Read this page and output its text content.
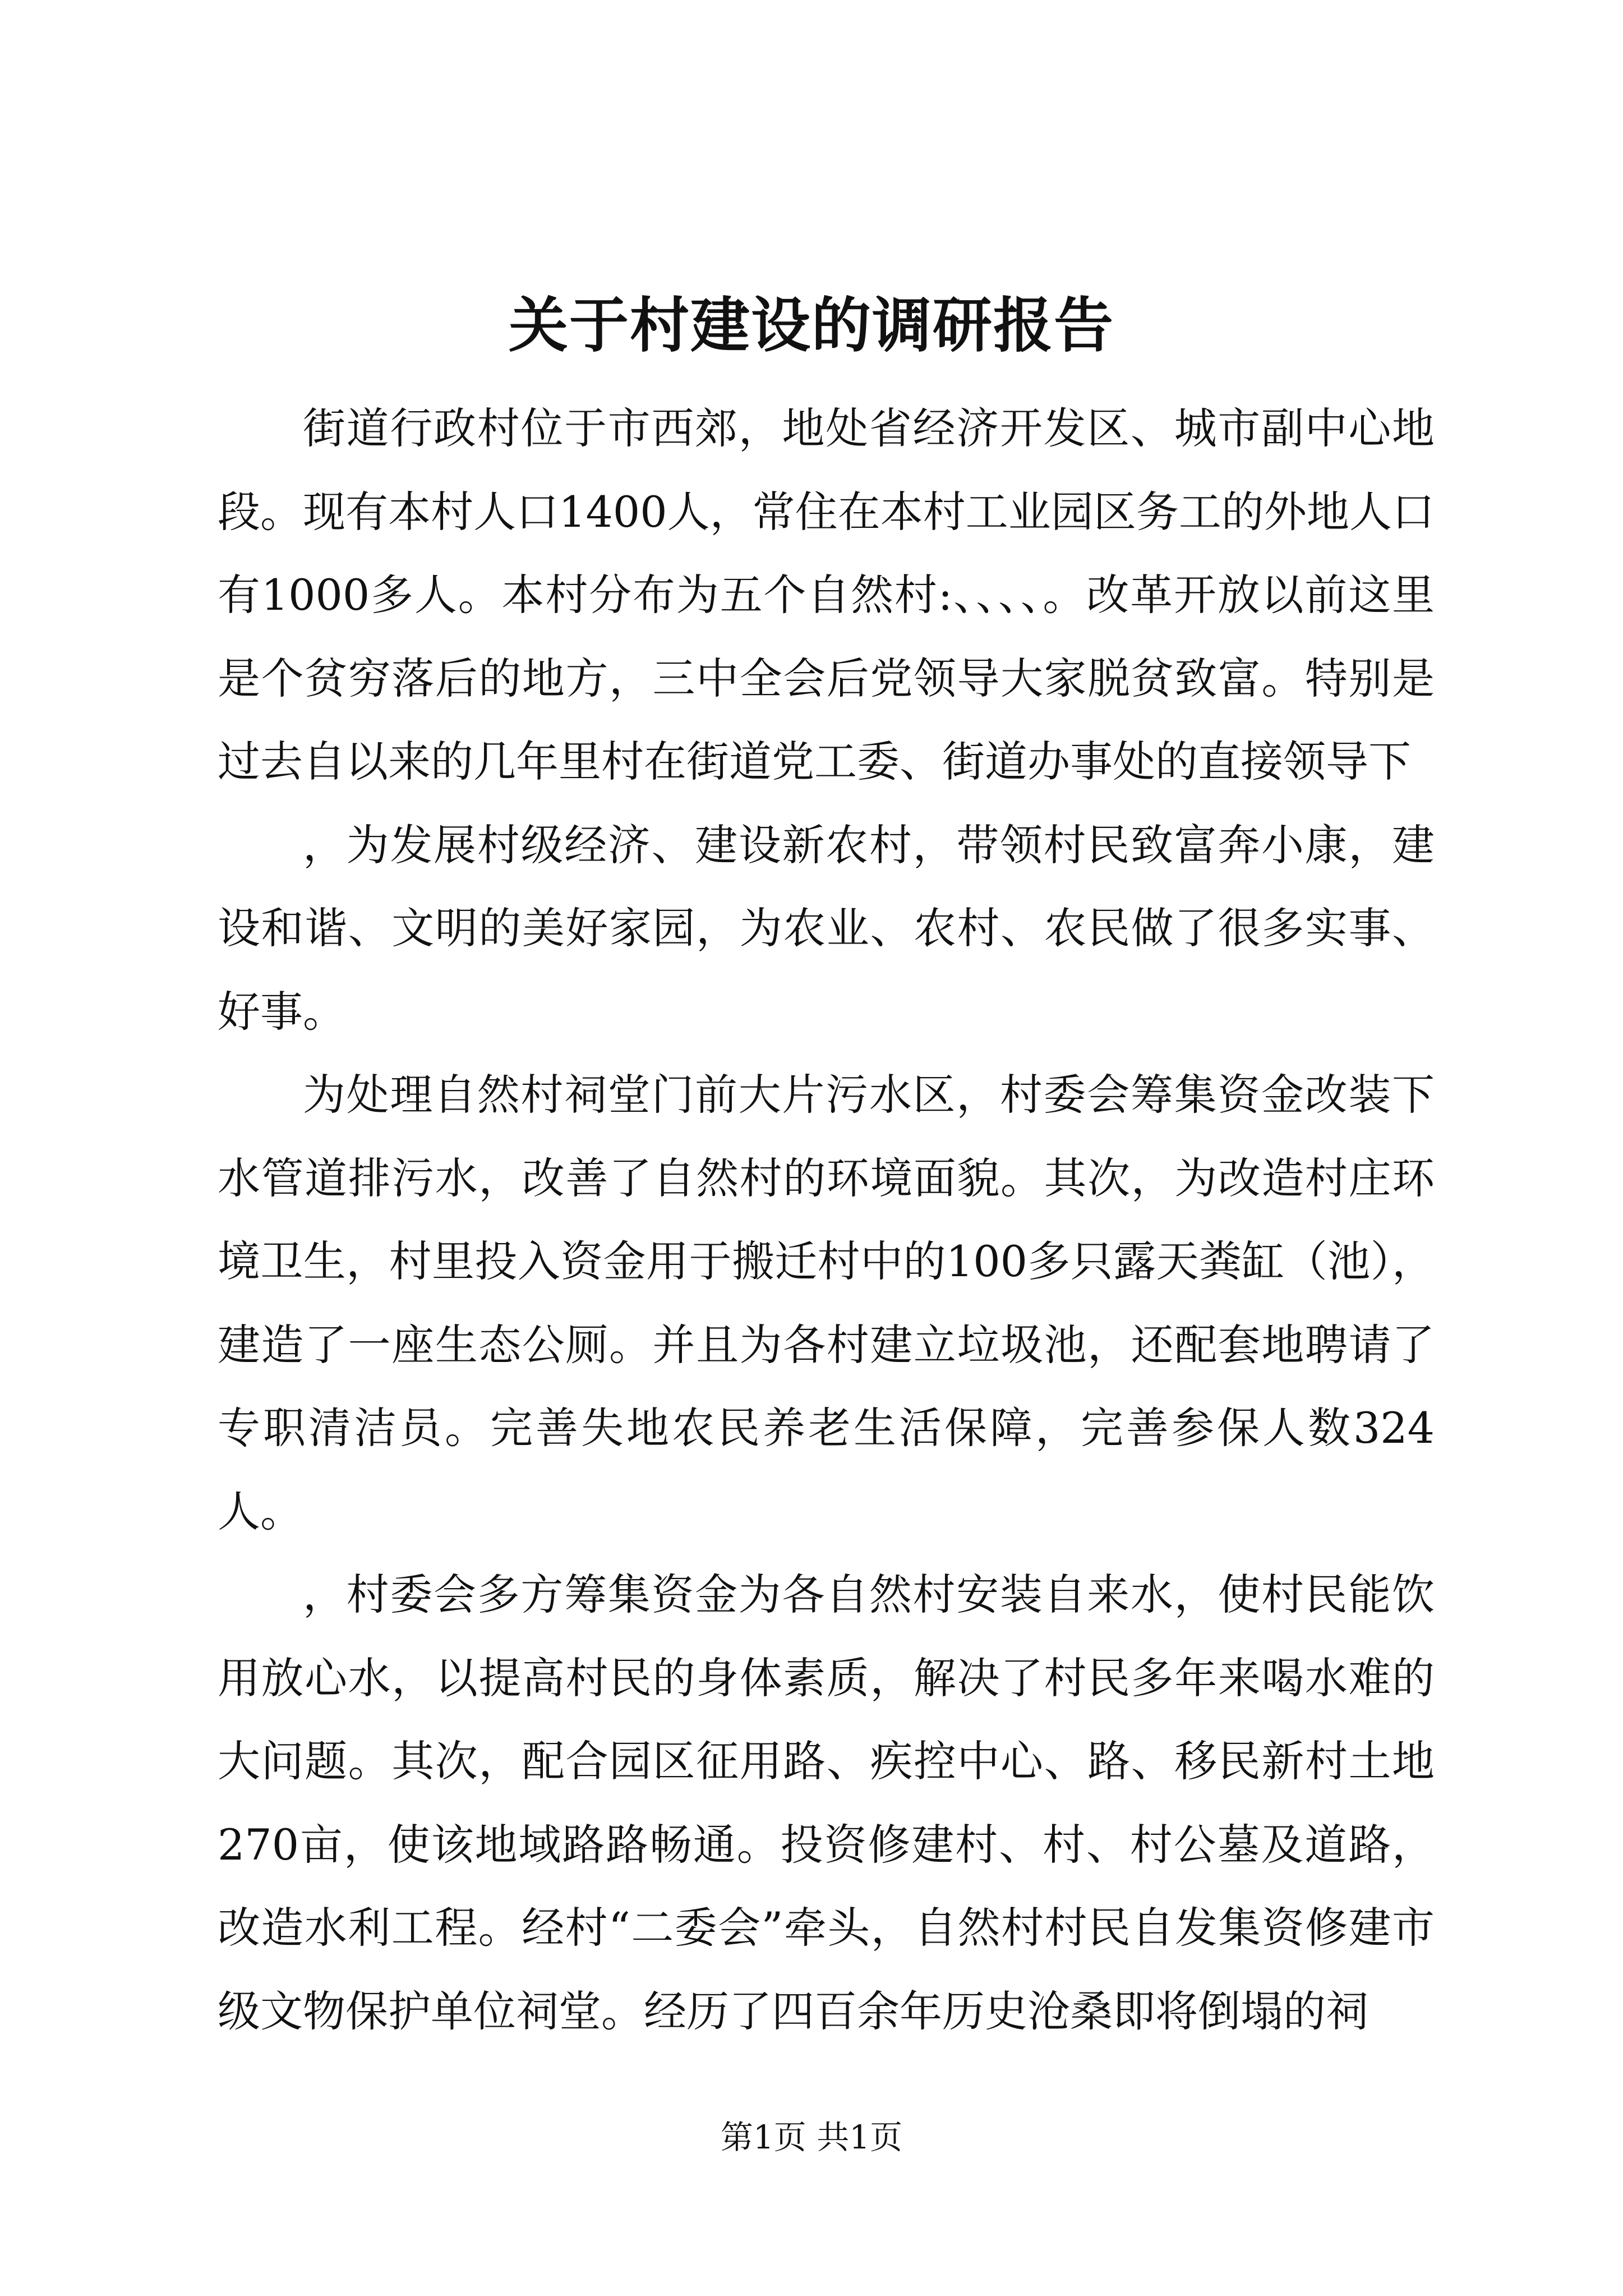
关于村建设的调研报告

街道行政村位于市西郊，地处省经济开发区、城市副中心地段。现有本村人口1400人，常住在本村工业园区务工的外地人口有1000多人。本村分布为五个自然村:、、、、。改革开放以前这里是个贫穷落后的地方，三中全会后党领导大家脱贫致富。特别是过去自以来的几年里村在街道党工委、街道办事处的直接领导下

，为发展村级经济、建设新农村，带领村民致富奔小康，建设和谐、文明的美好家园，为农业、农村、农民做了很多实事、好事。

为处理自然村祠堂门前大片污水区，村委会筹集资金改装下水管道排污水，改善了自然村的环境面貌。其次，为改造村庄环境卫生，村里投入资金用于搬迁村中的100多只露天粪缸（池），建造了一座生态公厕。并且为各村建立垃圾池，还配套地聘请了专职清洁员。完善失地农民养老生活保障，完善参保人数324人。

，村委会多方筹集资金为各自然村安装自来水，使村民能饮用放心水，以提高村民的身体素质，解决了村民多年来喝水难的大问题。其次，配合园区征用路、疾控中心、路、移民新村土地270亩，使该地域路路畅通。投资修建村、村、村公墓及道路，改造水利工程。经村“二委会”牵头，自然村村民自发集资修建市级文物保护单位祠堂。经历了四百余年历史沧桑即将倒塌的祠

第1页 共1页
